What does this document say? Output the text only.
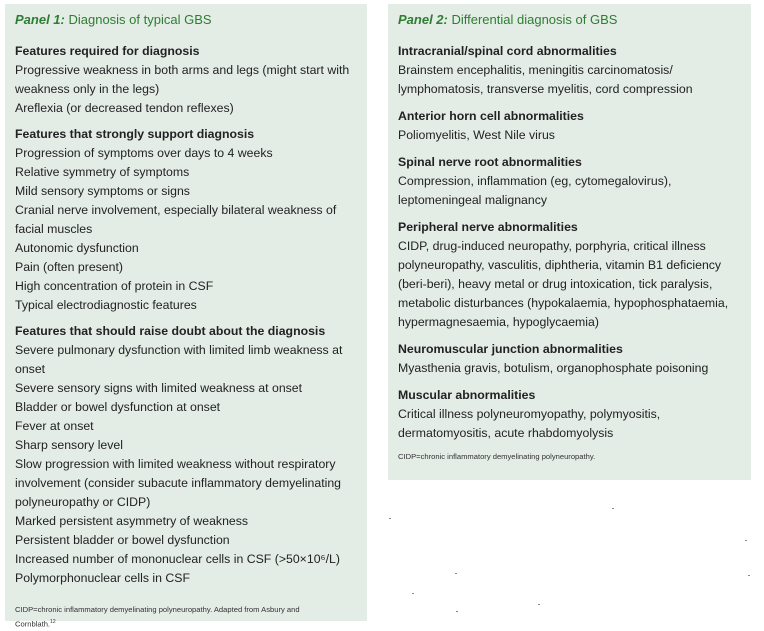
Panel 1: Diagnosis of typical GBS
Features required for diagnosis
Progressive weakness in both arms and legs (might start with
weakness only in the legs)
Areflexia (or decreased tendon reflexes)
Features that strongly support diagnosis
Progression of symptoms over days to 4 weeks
Relative symmetry of symptoms
Mild sensory symptoms or signs
Cranial nerve involvement, especially bilateral weakness of
facial muscles
Autonomic dysfunction
Pain (often present)
High concentration of protein in CSF
Typical electrodiagnostic features
Features that should raise doubt about the diagnosis
Severe pulmonary dysfunction with limited limb weakness at
onset
Severe sensory signs with limited weakness at onset
Bladder or bowel dysfunction at onset
Fever at onset
Sharp sensory level
Slow progression with limited weakness without respiratory
involvement (consider subacute inflammatory demyelinating
polyneuropathy or CIDP)
Marked persistent asymmetry of weakness
Persistent bladder or bowel dysfunction
Increased number of mononuclear cells in CSF (>50×10⁶/L)
Polymorphonuclear cells in CSF
CIDP=chronic inflammatory demyelinating polyneuropathy. Adapted from Asbury and
Cornblath.$^{12}$
Panel 2: Differential diagnosis of GBS
Intracranial/spinal cord abnormalities
Brainstem encephalitis, meningitis carcinomatosis/
lymphomatosis, transverse myelitis, cord compression
Anterior horn cell abnormalities
Poliomyelitis, West Nile virus
Spinal nerve root abnormalities
Compression, inflammation (eg, cytomegalovirus),
leptomeningeal malignancy
Peripheral nerve abnormalities
CIDP, drug-induced neuropathy, porphyria, critical illness
polyneuropathy, vasculitis, diphtheria, vitamin B1 deficiency
(beri-beri), heavy metal or drug intoxication, tick paralysis,
metabolic disturbances (hypokalaemia, hypophosphataemia,
hypermagnesaemia, hypoglycaemia)
Neuromuscular junction abnormalities
Myasthenia gravis, botulism, organophosphate poisoning
Muscular abnormalities
Critical illness polyneuromyopathy, polymyositis,
dermatomyositis, acute rhabdomyolysis
CIDP=chronic inflammatory demyelinating polyneuropathy.
